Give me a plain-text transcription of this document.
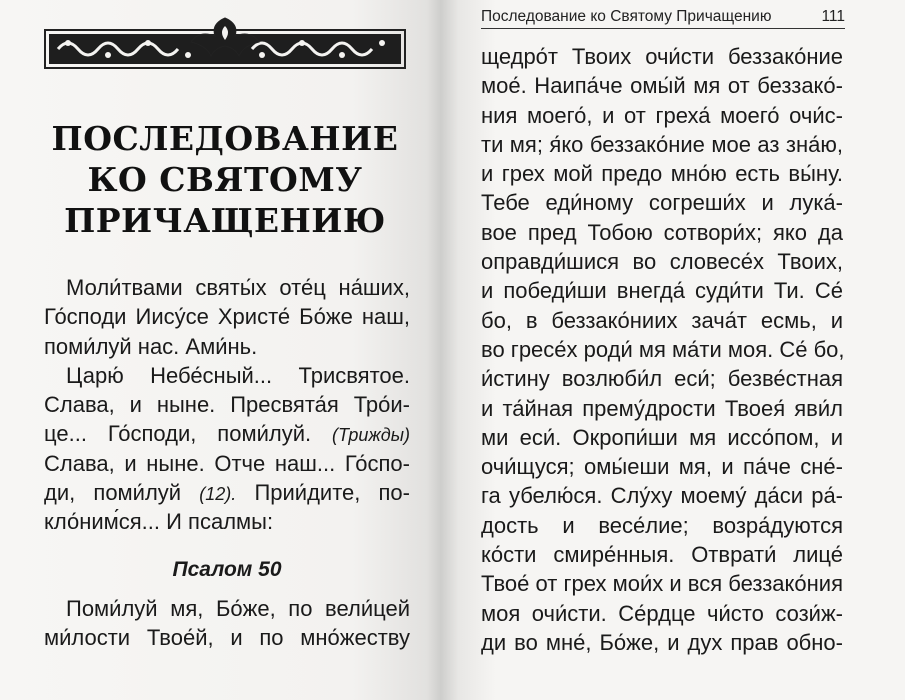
ПОСЛЕДОВАНИЕ
КО СВЯТОМУ
ПРИЧАЩЕНИЮ
Моли́твами святы́х оте́ц на́ших,
Го́споди Иису́се Христе́ Бо́же наш,
поми́луй нас. Ами́нь.
Царю́ Небе́сный... Трисвятое.
Слава, и ныне. Пресвята́я Тро́и-
це... Го́споди, поми́луй. (Трижды)
Слава, и ныне. Отче наш... Го́спо-
ди, поми́луй (12). Прии́дите, по-
кло́ним́ся... И псалмы:
Псалом 50
Поми́луй мя, Бо́же, по вели́цей
ми́лости Твое́й, и по мно́жеству
Последование ко Святому Причащению	111
щедро́т Твоих очи́сти беззако́ние
мое́. Наипа́че омы́й мя от беззако́-
ния моего́, и от греха́ моего́ очи́с-
ти мя; я́ко беззако́ние мое аз зна́ю,
и грех мой предо мно́ю есть вы́ну.
Тебе еди́ному согреши́х и лука́-
вое пред Тобою сотвори́х; яко да
оправди́шися во словесе́х Твоих,
и победи́ши внегда́ суди́ти Ти. Се́
бо, в беззако́ниих зача́т есмь, и
во гресе́х роди́ мя ма́ти моя. Се́ бо,
и́стину возлюби́л еси́; безве́стная
и та́йная прему́дрости Твоея́ яви́л
ми еси́. Окропи́ши мя иссо́пом, и
очи́щуся; омы́еши мя, и па́че сне́-
га убелю́ся. Слу́ху моему́ да́си ра́-
дость и весе́лие; возра́дуются
ко́сти смире́нныя. Отврати́ лице́
Твое́ от грех мои́х и вся беззако́ния
моя очи́сти. Се́рдце чи́сто сози́ж-
ди во мне́, Бо́же, и дух прав обно-
